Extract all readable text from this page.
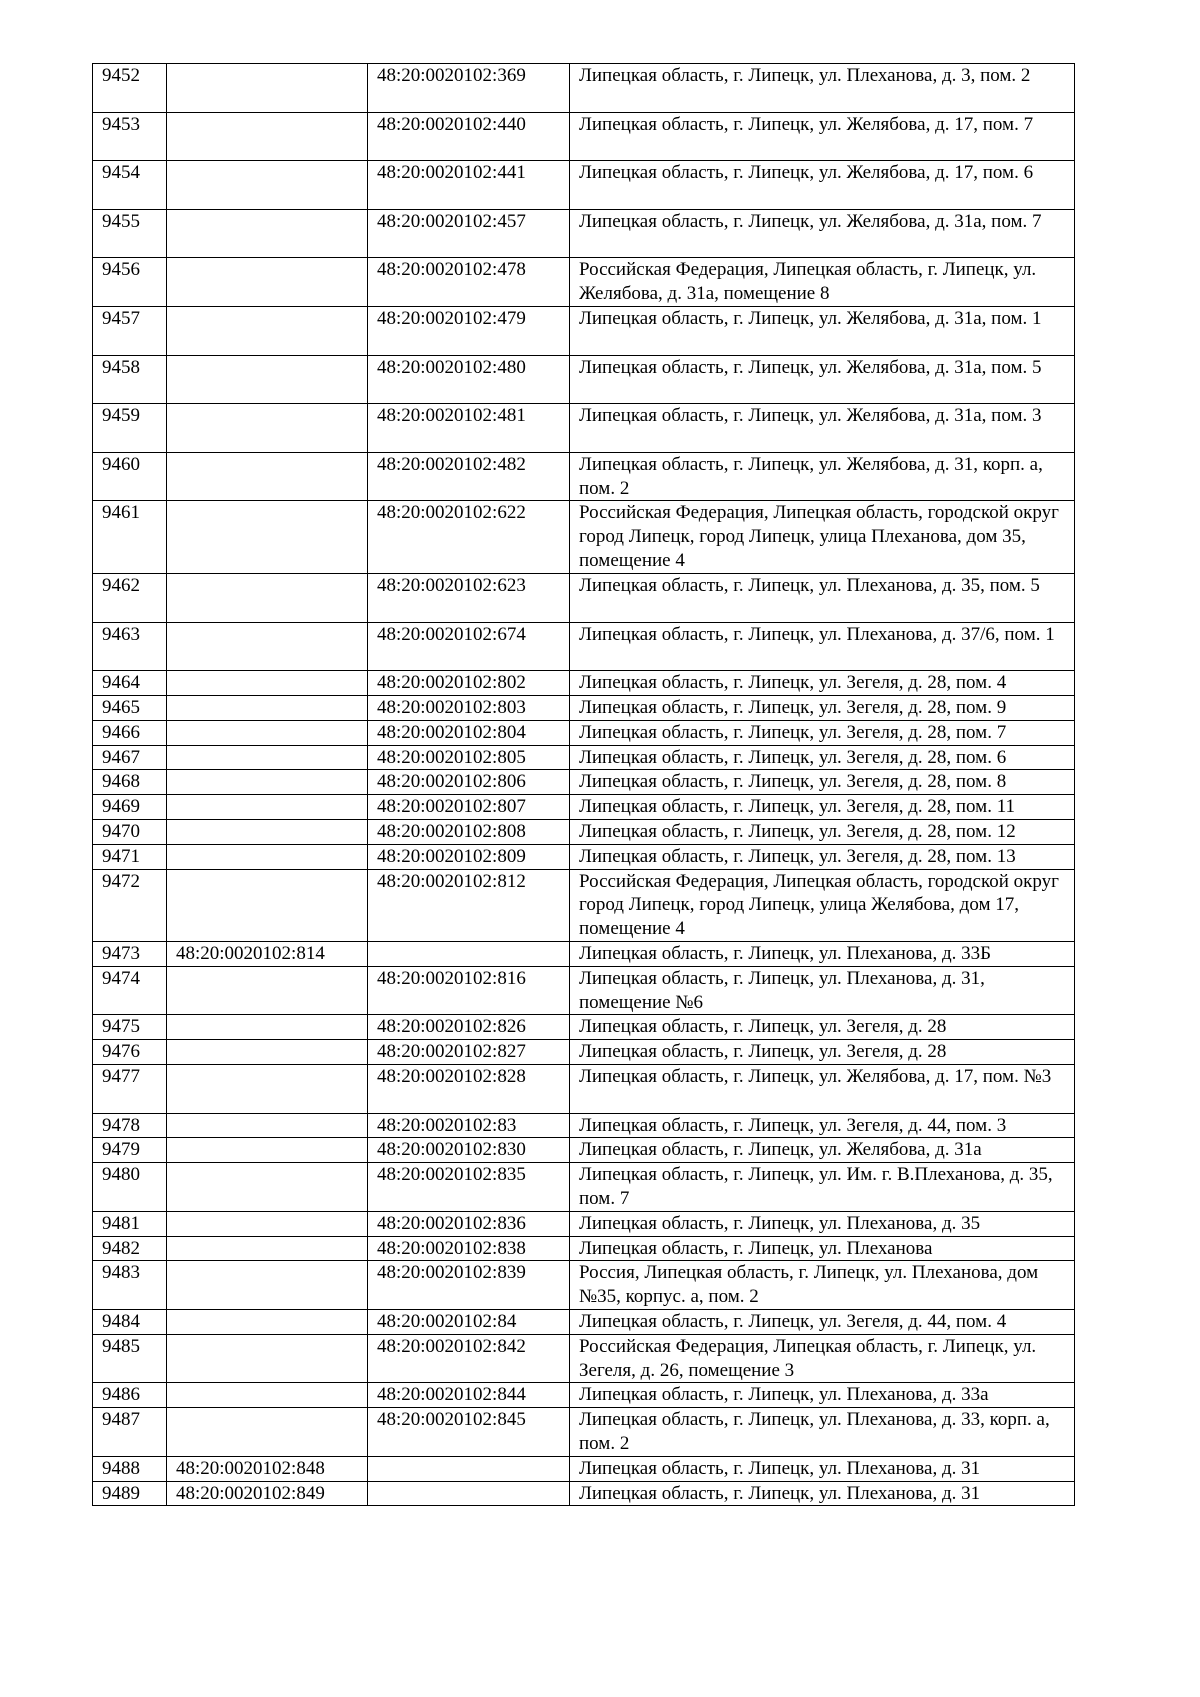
9452		48:20:0020102:369	Липецкая область, г. Липецк, ул. Плеханова, д. 3, пом. 2
9453		48:20:0020102:440	Липецкая область, г. Липецк, ул. Желябова, д. 17, пом. 7
9454		48:20:0020102:441	Липецкая область, г. Липецк, ул. Желябова, д. 17, пом. 6
9455		48:20:0020102:457	Липецкая область, г. Липецк, ул. Желябова, д. 31а, пом. 7
9456		48:20:0020102:478	Российская Федерация, Липецкая область, г. Липецк, ул. Желябова, д. 31а, помещение 8
9457		48:20:0020102:479	Липецкая область, г. Липецк, ул. Желябова, д. 31а, пом. 1
9458		48:20:0020102:480	Липецкая область, г. Липецк, ул. Желябова, д. 31а, пом. 5
9459		48:20:0020102:481	Липецкая область, г. Липецк, ул. Желябова, д. 31а, пом. 3
9460		48:20:0020102:482	Липецкая область, г. Липецк, ул. Желябова, д. 31, корп. а, пом. 2
9461		48:20:0020102:622	Российская Федерация, Липецкая область, городской округ город Липецк, город Липецк, улица Плеханова, дом 35, помещение 4
9462		48:20:0020102:623	Липецкая область, г. Липецк, ул. Плеханова, д. 35, пом. 5
9463		48:20:0020102:674	Липецкая область, г. Липецк, ул. Плеханова, д. 37/6, пом. 1
9464		48:20:0020102:802	Липецкая область, г. Липецк, ул. Зегеля, д. 28, пом. 4
9465		48:20:0020102:803	Липецкая область, г. Липецк, ул. Зегеля, д. 28, пом. 9
9466		48:20:0020102:804	Липецкая область, г. Липецк, ул. Зегеля, д. 28, пом. 7
9467		48:20:0020102:805	Липецкая область, г. Липецк, ул. Зегеля, д. 28, пом. 6
9468		48:20:0020102:806	Липецкая область, г. Липецк, ул. Зегеля, д. 28, пом. 8
9469		48:20:0020102:807	Липецкая область, г. Липецк, ул. Зегеля, д. 28, пом. 11
9470		48:20:0020102:808	Липецкая область, г. Липецк, ул. Зегеля, д. 28, пом. 12
9471		48:20:0020102:809	Липецкая область, г. Липецк, ул. Зегеля, д. 28, пом. 13
9472		48:20:0020102:812	Российская Федерация, Липецкая область, городской округ город Липецк, город Липецк, улица Желябова, дом 17, помещение 4
9473	48:20:0020102:814		Липецкая область, г. Липецк, ул. Плеханова, д. 33Б
9474		48:20:0020102:816	Липецкая область, г. Липецк, ул. Плеханова, д. 31, помещение №6
9475		48:20:0020102:826	Липецкая область, г. Липецк, ул. Зегеля, д. 28
9476		48:20:0020102:827	Липецкая область, г. Липецк, ул. Зегеля, д. 28
9477		48:20:0020102:828	Липецкая область, г. Липецк, ул. Желябова, д. 17, пом. №3
9478		48:20:0020102:83	Липецкая область, г. Липецк, ул. Зегеля, д. 44, пом. 3
9479		48:20:0020102:830	Липецкая область, г. Липецк, ул. Желябова, д. 31а
9480		48:20:0020102:835	Липецкая область, г. Липецк, ул. Им. г. В.Плеханова, д. 35, пом. 7
9481		48:20:0020102:836	Липецкая область, г. Липецк, ул. Плеханова, д. 35
9482		48:20:0020102:838	Липецкая область, г. Липецк, ул. Плеханова
9483		48:20:0020102:839	Россия, Липецкая область, г. Липецк, ул. Плеханова, дом №35, корпус. а, пом. 2
9484		48:20:0020102:84	Липецкая область, г. Липецк, ул. Зегеля, д. 44, пом. 4
9485		48:20:0020102:842	Российская Федерация, Липецкая область, г. Липецк, ул. Зегеля, д. 26, помещение 3
9486		48:20:0020102:844	Липецкая область, г. Липецк, ул. Плеханова, д. 33а
9487		48:20:0020102:845	Липецкая область, г. Липецк, ул. Плеханова, д. 33, корп. а, пом. 2
9488	48:20:0020102:848		Липецкая область, г. Липецк, ул. Плеханова, д. 31
9489	48:20:0020102:849		Липецкая область, г. Липецк, ул. Плеханова, д. 31
